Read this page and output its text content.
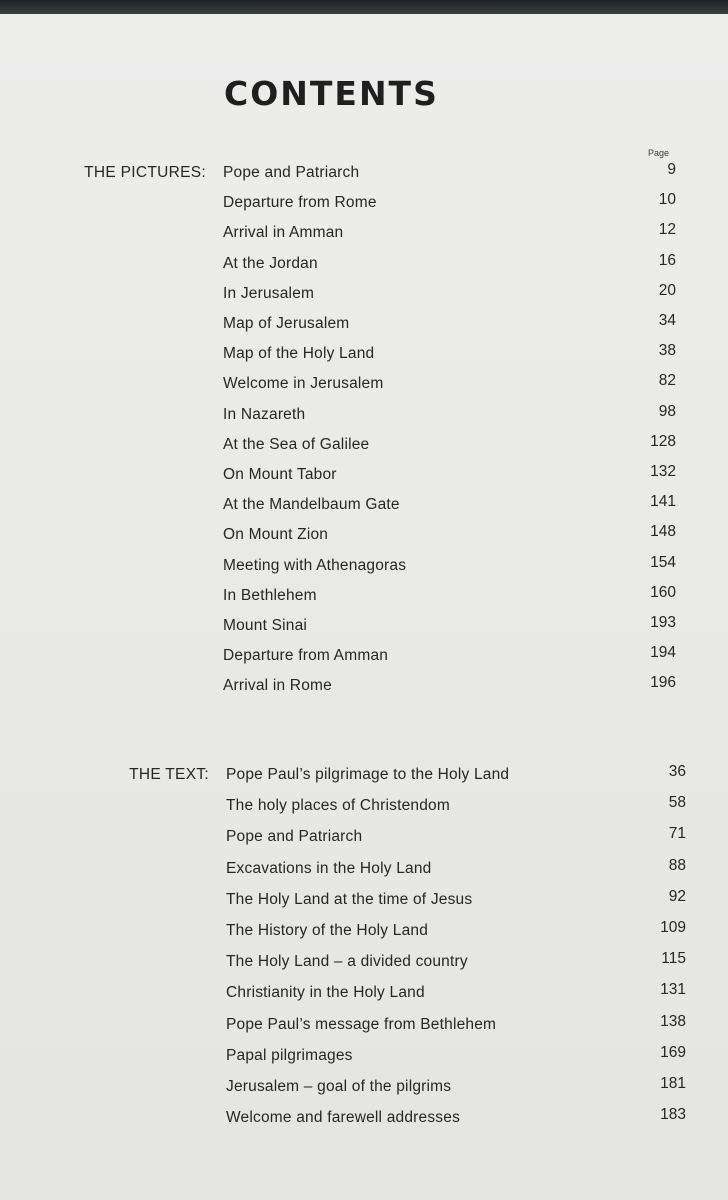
CONTENTS
Page
THE PICTURES: Pope and Patriarch	9
Departure from Rome	10
Arrival in Amman	12
At the Jordan	16
In Jerusalem	20
Map of Jerusalem	34
Map of the Holy Land	38
Welcome in Jerusalem	82
In Nazareth	98
At the Sea of Galilee	128
On Mount Tabor	132
At the Mandelbaum Gate	141
On Mount Zion	148
Meeting with Athenagoras	154
In Bethlehem	160
Mount Sinai	193
Departure from Amman	194
Arrival in Rome	196
THE TEXT: Pope Paul’s pilgrimage to the Holy Land	36
The holy places of Christendom	58
Pope and Patriarch	71
Excavations in the Holy Land	88
The Holy Land at the time of Jesus	92
The History of the Holy Land	109
The Holy Land – a divided country	115
Christianity in the Holy Land	131
Pope Paul’s message from Bethlehem	138
Papal pilgrimages	169
Jerusalem – goal of the pilgrims	181
Welcome and farewell addresses	183
